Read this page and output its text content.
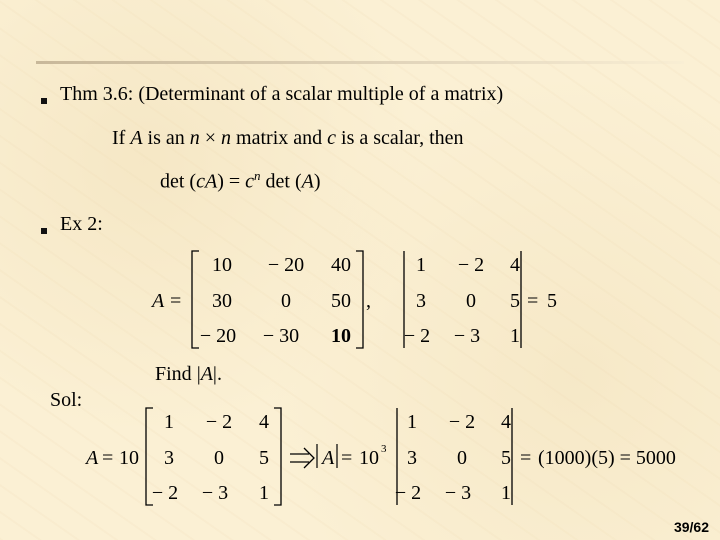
Thm 3.6: (Determinant of a scalar multiple of a matrix)
If A is an n × n matrix and c is a scalar, then
$\det (cA) = c^n$ det (A)
Ex 2:
A =
10 − 20 40
30 0 50
− 20 − 30 10
,
1 − 2 4
3 0 5
− 2 − 3 1
= 5
Find |A|.
Sol:
A = 10
1 − 2 4
3 0 5
− 2 − 3 1
A = 10 3
1 − 2 4
3 0 5
− 2 − 3 1
= (1000)(5) = 5000
39/62
